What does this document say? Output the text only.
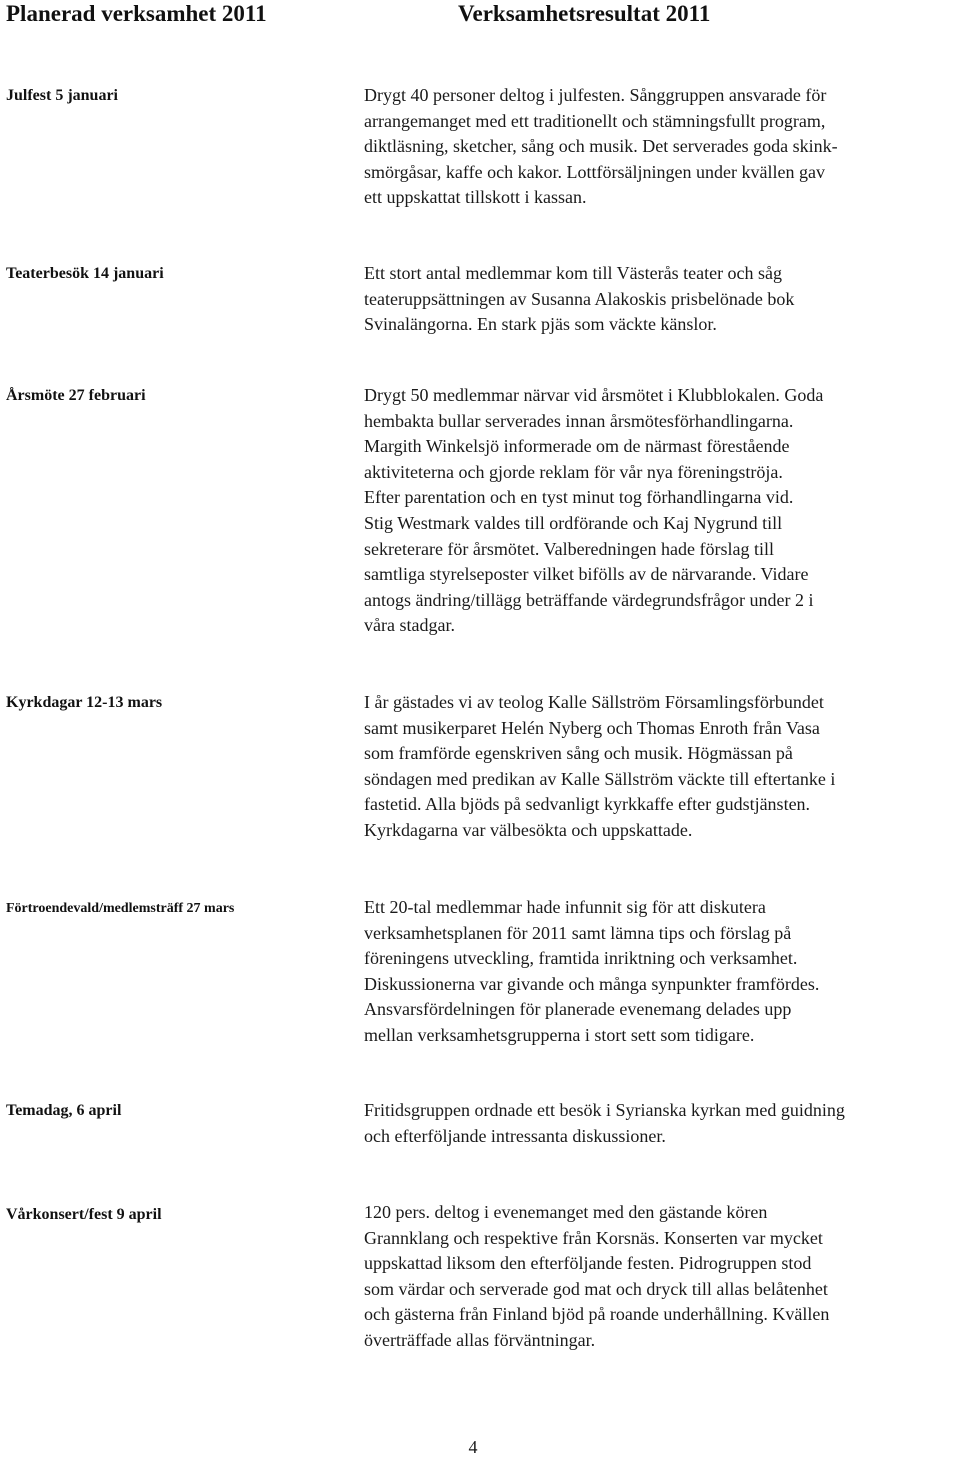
Planerad verksamhet 2011	Verksamhetsresultat 2011
Julfest 5 januari	Drygt 40 personer deltog i julfesten. Sånggruppen ansvarade för
arrangemanget med ett traditionellt och stämningsfullt program,
diktläsning, sketcher, sång och musik. Det serverades goda skink-
smörgåsar, kaffe och kakor. Lottförsäljningen under kvällen gav
ett uppskattat tillskott i kassan.
Teaterbesök 14 januari	Ett stort antal medlemmar kom till Västerås teater och såg
teateruppsättningen av Susanna Alakoskis prisbelönade bok
Svinalängorna. En stark pjäs som väckte känslor.
Årsmöte 27 februari	Drygt 50 medlemmar närvar vid årsmötet i Klubblokalen. Goda
hembakta bullar serverades innan årsmötesförhandlingarna.
Margith Winkelsjö informerade om de närmast förestående
aktiviteterna och gjorde reklam för vår nya föreningströja.
Efter parentation och en tyst minut tog förhandlingarna vid.
Stig Westmark valdes till ordförande och Kaj Nygrund till
sekreterare för årsmötet. Valberedningen hade förslag till
samtliga styrelseposter vilket bifölls av de närvarande. Vidare
antogs ändring/tillägg beträffande värdegrundsfrågor under 2 i
våra stadgar.
Kyrkdagar 12-13 mars	I år gästades vi av teolog Kalle Sällström Församlingsförbundet
samt musikerparet Helén Nyberg och Thomas Enroth från Vasa
som framförde egenskriven sång och musik. Högmässan på
söndagen med predikan av Kalle Sällström väckte till eftertanke i
fastetid. Alla bjöds på sedvanligt kyrkkaffe efter gudstjänsten.
Kyrkdagarna var välbesökta och uppskattade.
Förtroendevald/medlemsträff 27 mars	Ett 20-tal medlemmar hade infunnit sig för att diskutera
verksamhetsplanen för 2011 samt lämna tips och förslag på
föreningens utveckling, framtida inriktning och verksamhet.
Diskussionerna var givande och många synpunkter framfördes.
Ansvarsfördelningen för planerade evenemang delades upp
mellan verksamhetsgrupperna i stort sett som tidigare.
Temadag, 6 april	Fritidsgruppen ordnade ett besök i Syrianska kyrkan med guidning
och efterföljande intressanta diskussioner.
Vårkonsert/fest 9 april	120 pers. deltog i evenemanget med den gästande kören
Grannklang och respektive från Korsnäs. Konserten var mycket
uppskattad liksom den efterföljande festen. Pidrogruppen stod
som värdar och serverade god mat och dryck till allas belåtenhet
och gästerna från Finland bjöd på roande underhållning. Kvällen
överträffade allas förväntningar.
4
